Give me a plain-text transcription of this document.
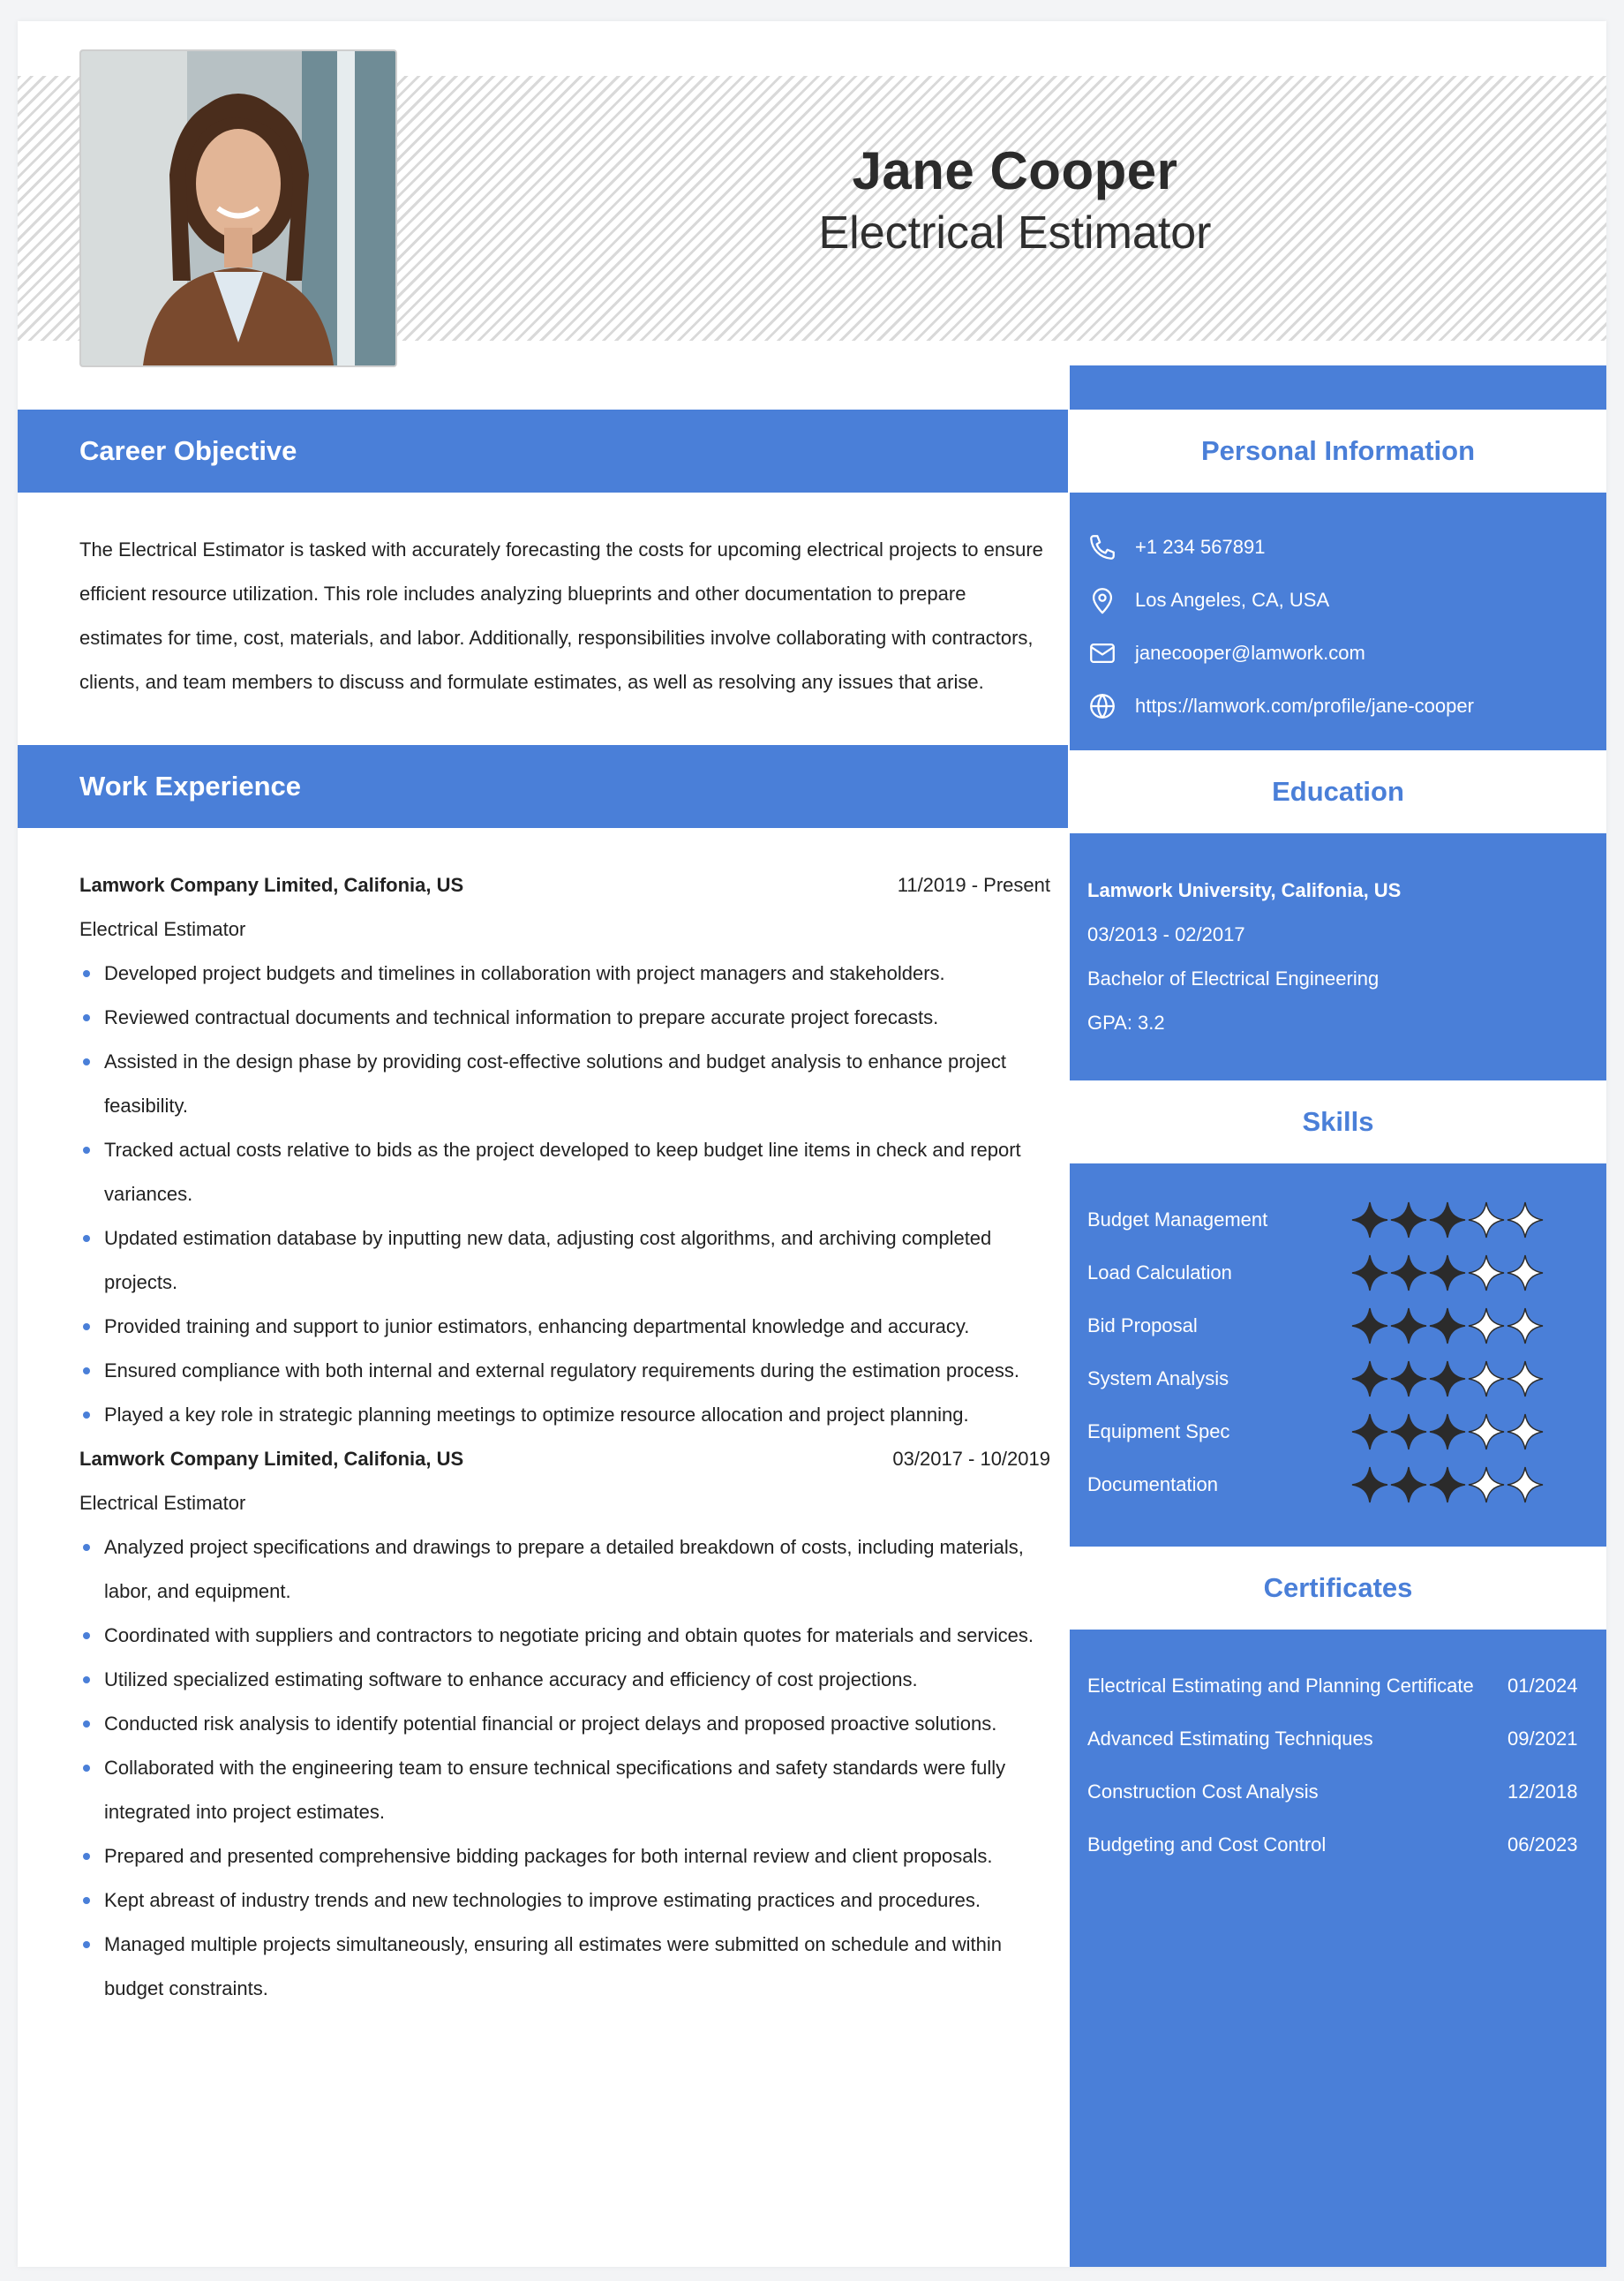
Jane Cooper
Electrical Estimator
Career Objective
The Electrical Estimator is tasked with accurately forecasting the costs for upcoming electrical projects to ensure efficient resource utilization. This role includes analyzing blueprints and other documentation to prepare estimates for time, cost, materials, and labor. Additionally, responsibilities involve collaborating with contractors, clients, and team members to discuss and formulate estimates, as well as resolving any issues that arise.
Work Experience
Lamwork Company Limited, Califonia, US	11/2019 - Present
Electrical Estimator
Developed project budgets and timelines in collaboration with project managers and stakeholders.
Reviewed contractual documents and technical information to prepare accurate project forecasts.
Assisted in the design phase by providing cost-effective solutions and budget analysis to enhance project feasibility.
Tracked actual costs relative to bids as the project developed to keep budget line items in check and report variances.
Updated estimation database by inputting new data, adjusting cost algorithms, and archiving completed projects.
Provided training and support to junior estimators, enhancing departmental knowledge and accuracy.
Ensured compliance with both internal and external regulatory requirements during the estimation process.
Played a key role in strategic planning meetings to optimize resource allocation and project planning.
Lamwork Company Limited, Califonia, US	03/2017 - 10/2019
Electrical Estimator
Analyzed project specifications and drawings to prepare a detailed breakdown of costs, including materials, labor, and equipment.
Coordinated with suppliers and contractors to negotiate pricing and obtain quotes for materials and services.
Utilized specialized estimating software to enhance accuracy and efficiency of cost projections.
Conducted risk analysis to identify potential financial or project delays and proposed proactive solutions.
Collaborated with the engineering team to ensure technical specifications and safety standards were fully integrated into project estimates.
Prepared and presented comprehensive bidding packages for both internal review and client proposals.
Kept abreast of industry trends and new technologies to improve estimating practices and procedures.
Managed multiple projects simultaneously, ensuring all estimates were submitted on schedule and within budget constraints.
Personal Information
+1 234 567891
Los Angeles, CA, USA
janecooper@lamwork.com
https://lamwork.com/profile/jane-cooper
Education
Lamwork University, Califonia, US
03/2013 - 02/2017
Bachelor of Electrical Engineering
GPA: 3.2
Skills
Budget Management
Load Calculation
Bid Proposal
System Analysis
Equipment Spec
Documentation
Certificates
Electrical Estimating and Planning Certificate 01/2024
Advanced Estimating Techniques	09/2021
Construction Cost Analysis	12/2018
Budgeting and Cost Control	06/2023
